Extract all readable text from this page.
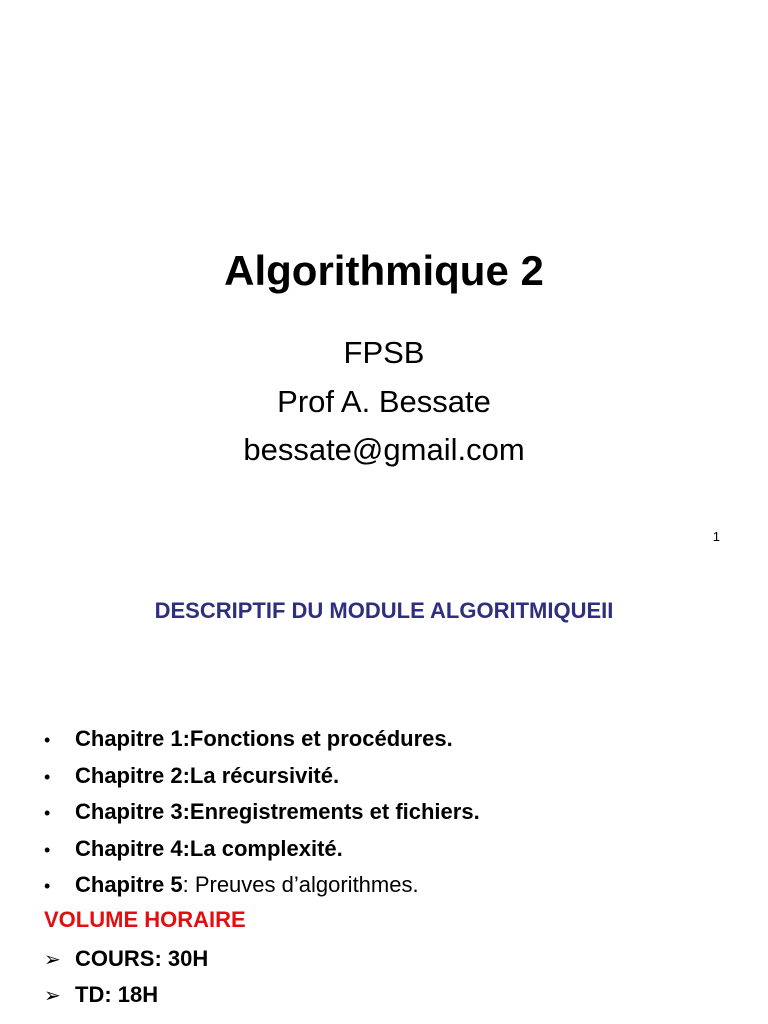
Algorithmique 2
FPSB
Prof A. Bessate
bessate@gmail.com
1
DESCRIPTIF DU MODULE ALGORITMIQUEII
•	Chapitre 1: Fonctions et procédures.
•	Chapitre 2: La récursivité.
•	Chapitre 3: Enregistrements et fichiers.
•	Chapitre 4: La complexité.
•	Chapitre 5 : Preuves d’algorithmes.
VOLUME HORAIRE
➢ COURS: 30H
➢ TD: 18H
